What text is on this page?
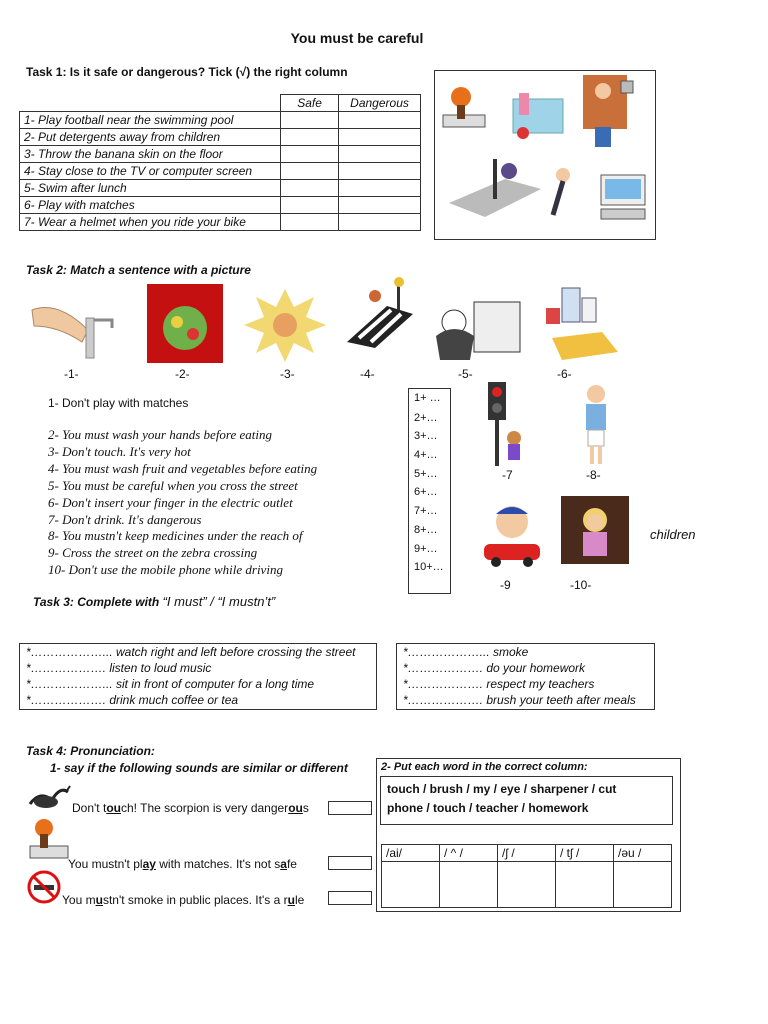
You must be careful
Task 1: Is it safe or dangerous? Tick (√) the right column
	Safe	Dangerous
1- Play football near the swimming pool		
2- Put detergents away from children		
3- Throw the banana skin on the floor		
4- Stay close to the TV or computer screen		
5- Swim after lunch		
6- Play with matches		
7- Wear a helmet when you ride your bike		
Task 2: Match a sentence with a picture
-1-	-2-	-3-	-4-	-5-	-6-
1- Don't play with matches
2- You must wash your hands before eating
3- Don't touch. It's very hot
4- You must wash fruit and vegetables before eating
5- You must be careful when you cross the street
6- Don't insert your finger in the electric outlet
7- Don't drink. It's dangerous
8- You mustn't keep medicines under the reach of
9- Cross the street on the zebra crossing
10- Don't use the mobile phone while driving
1+ …
2+…
3+…
4+…
5+…
6+…
7+…
8+…
9+…
10+…
-7	-8-
children
-9	-10-
Task 3: Complete with “I must” / “I mustn’t”
*………………... watch right and left before crossing the street
*………………. listen to loud music
*………………... sit in front of computer for a long time
*………………. drink much coffee or tea
*………………... smoke
*………………. do your homework
*………………. respect my teachers
*………………. brush your teeth after meals
Task 4: Pronunciation:
1- say if the following sounds are similar or different
Don't touch! The scorpion is very dangerous
You mustn't play with matches. It's not safe
You mustn't smoke in public places. It's a rule
2- Put each word in the correct column:
touch / brush / my / eye / sharpener / cut
phone / touch / teacher / homework
/ai/	/ ^ /	/ʃ /	/ tʃ /	/əu /
